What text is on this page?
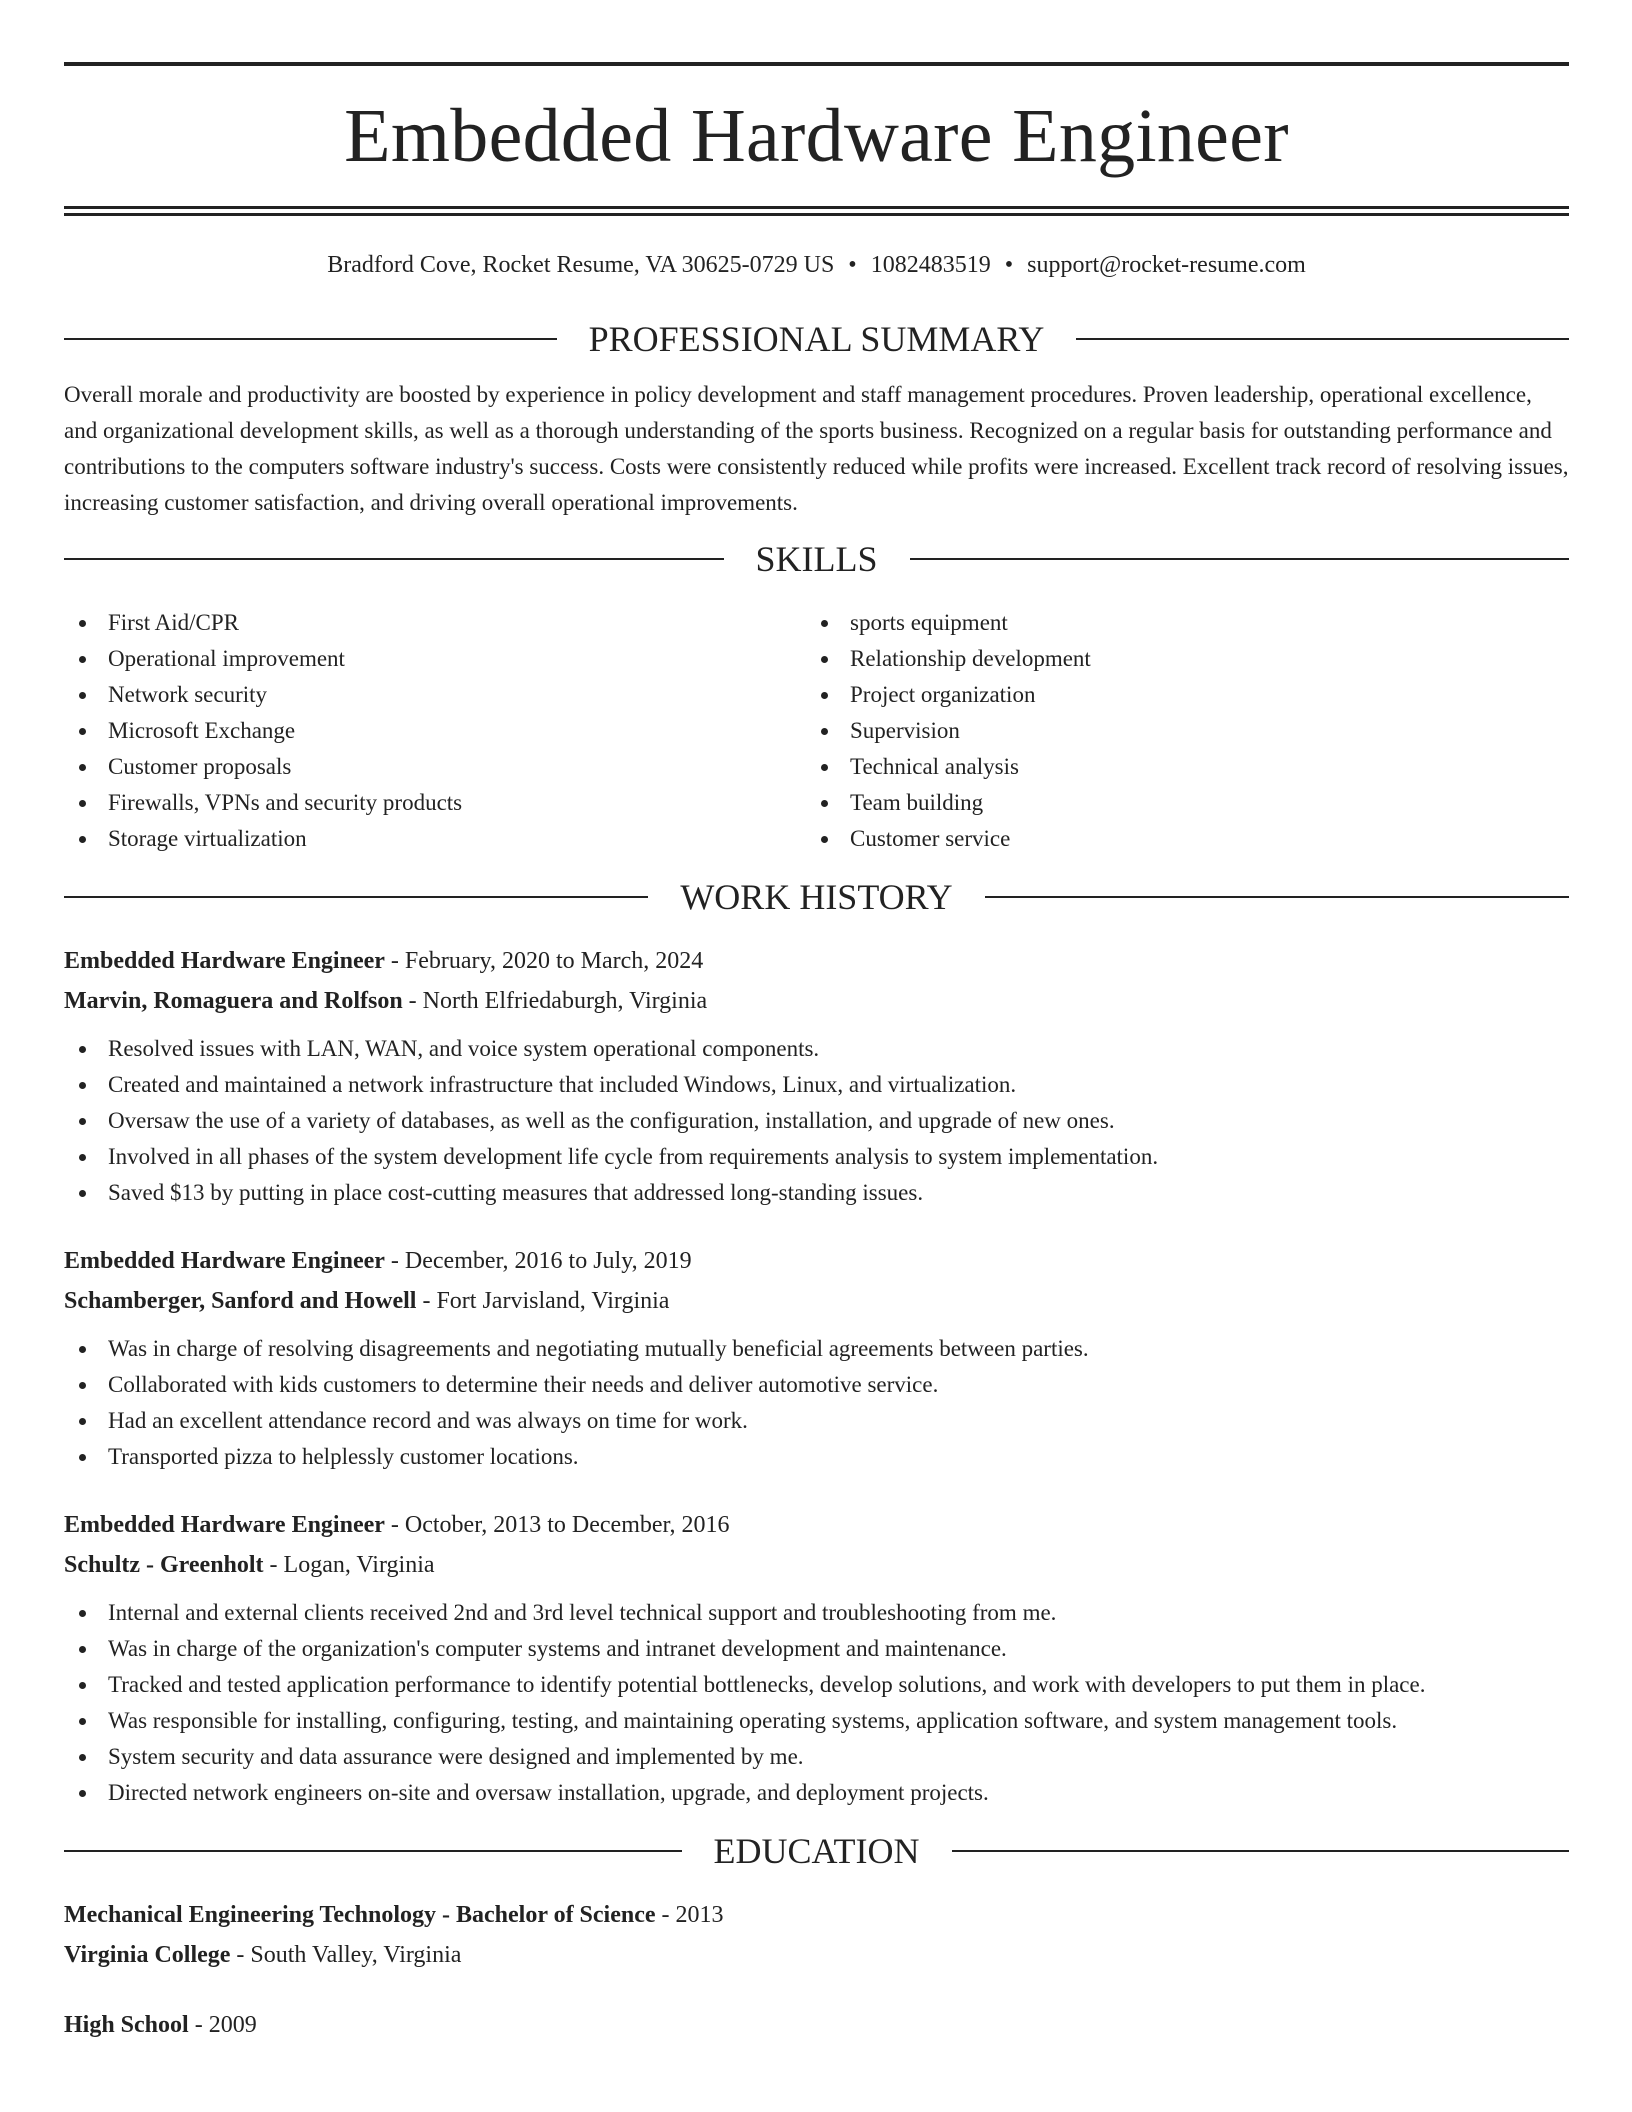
Embedded Hardware Engineer
Bradford Cove, Rocket Resume, VA 30625-0729 US • 1082483519 • support@rocket-resume.com
PROFESSIONAL SUMMARY

Overall morale and productivity are boosted by experience in policy development and staff management procedures. Proven leadership, operational excellence, and organizational development skills, as well as a thorough understanding of the sports business. Recognized on a regular basis for outstanding performance and contributions to the computers software industry's success. Costs were consistently reduced while profits were increased. Excellent track record of resolving issues, increasing customer satisfaction, and driving overall operational improvements.

SKILLS
First Aid/CPR
Operational improvement
Network security
Microsoft Exchange
Customer proposals
Firewalls, VPNs and security products
Storage virtualization
sports equipment
Relationship development
Project organization
Supervision
Technical analysis
Team building
Customer service
WORK HISTORY
Embedded Hardware Engineer - February, 2020 to March, 2024
Marvin, Romaguera and Rolfson - North Elfriedaburgh, Virginia
Resolved issues with LAN, WAN, and voice system operational components.
Created and maintained a network infrastructure that included Windows, Linux, and virtualization.
Oversaw the use of a variety of databases, as well as the configuration, installation, and upgrade of new ones.
Involved in all phases of the system development life cycle from requirements analysis to system implementation.
Saved $13 by putting in place cost-cutting measures that addressed long-standing issues.
Embedded Hardware Engineer - December, 2016 to July, 2019
Schamberger, Sanford and Howell - Fort Jarvisland, Virginia
Was in charge of resolving disagreements and negotiating mutually beneficial agreements between parties.
Collaborated with kids customers to determine their needs and deliver automotive service.
Had an excellent attendance record and was always on time for work.
Transported pizza to helplessly customer locations.
Embedded Hardware Engineer - October, 2013 to December, 2016
Schultz - Greenholt - Logan, Virginia
Internal and external clients received 2nd and 3rd level technical support and troubleshooting from me.
Was in charge of the organization's computer systems and intranet development and maintenance.
Tracked and tested application performance to identify potential bottlenecks, develop solutions, and work with developers to put them in place.
Was responsible for installing, configuring, testing, and maintaining operating systems, application software, and system management tools.
System security and data assurance were designed and implemented by me.
Directed network engineers on-site and oversaw installation, upgrade, and deployment projects.
EDUCATION
Mechanical Engineering Technology - Bachelor of Science - 2013
Virginia College - South Valley, Virginia
High School - 2009
